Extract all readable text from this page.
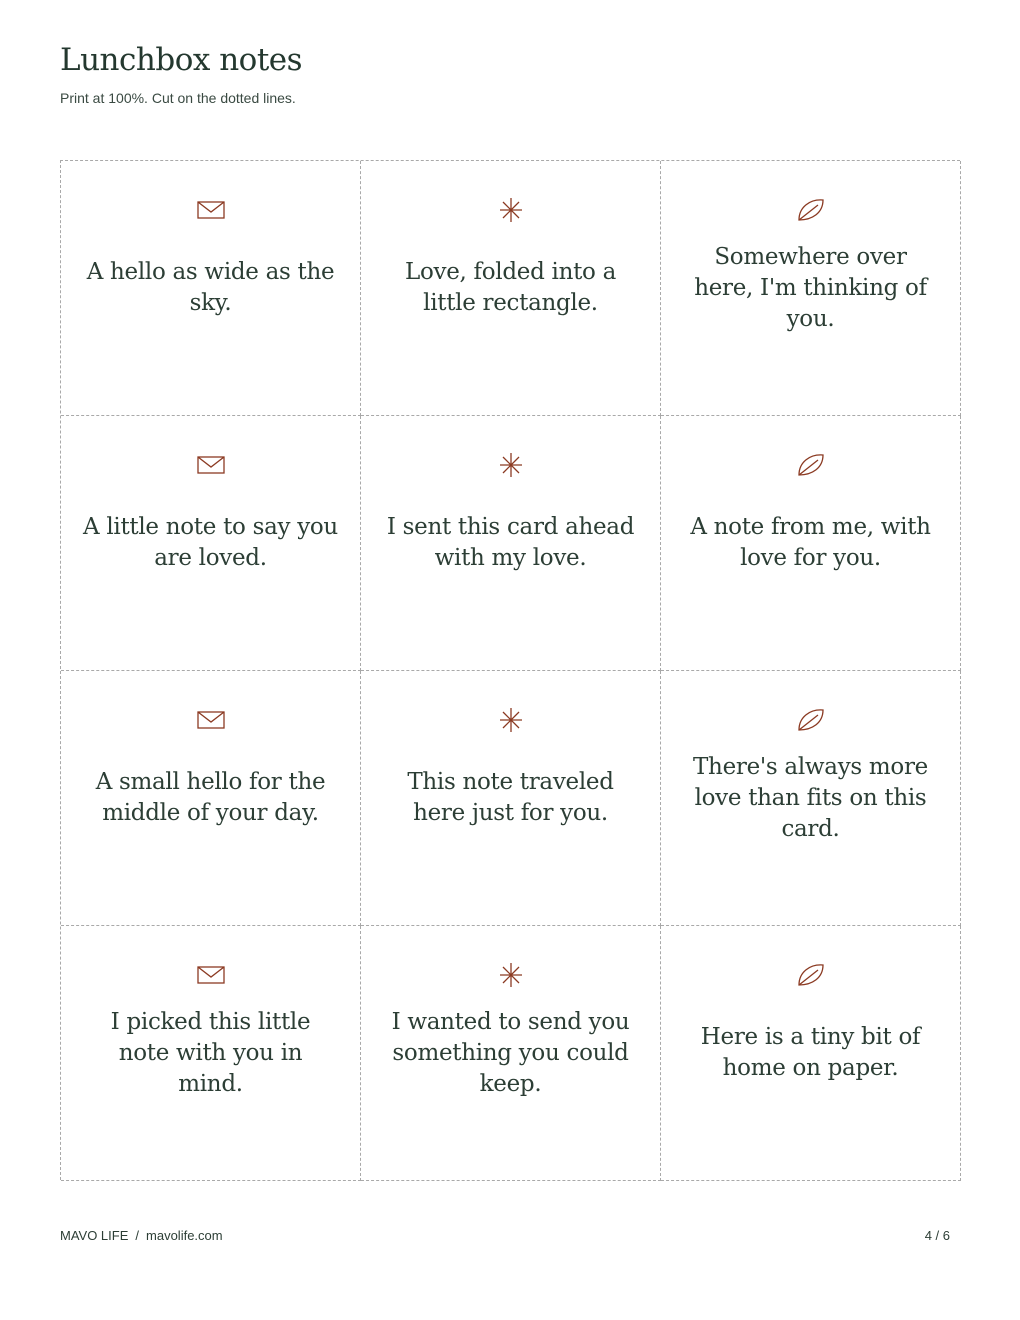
Lunchbox notes

Print at 100%. Cut on the dotted lines.

A hello as wide as the sky.
Love, folded into a little rectangle.
Somewhere over here, I'm thinking of you.
A little note to say you are loved.
I sent this card ahead with my love.
A note from me, with love for you.
A small hello for the middle of your day.
This note traveled here just for you.
There's always more love than fits on this card.
I picked this little note with you in mind.
I wanted to send you something you could keep.
Here is a tiny bit of home on paper.
MAVO LIFE / mavolife.com	4 / 6
